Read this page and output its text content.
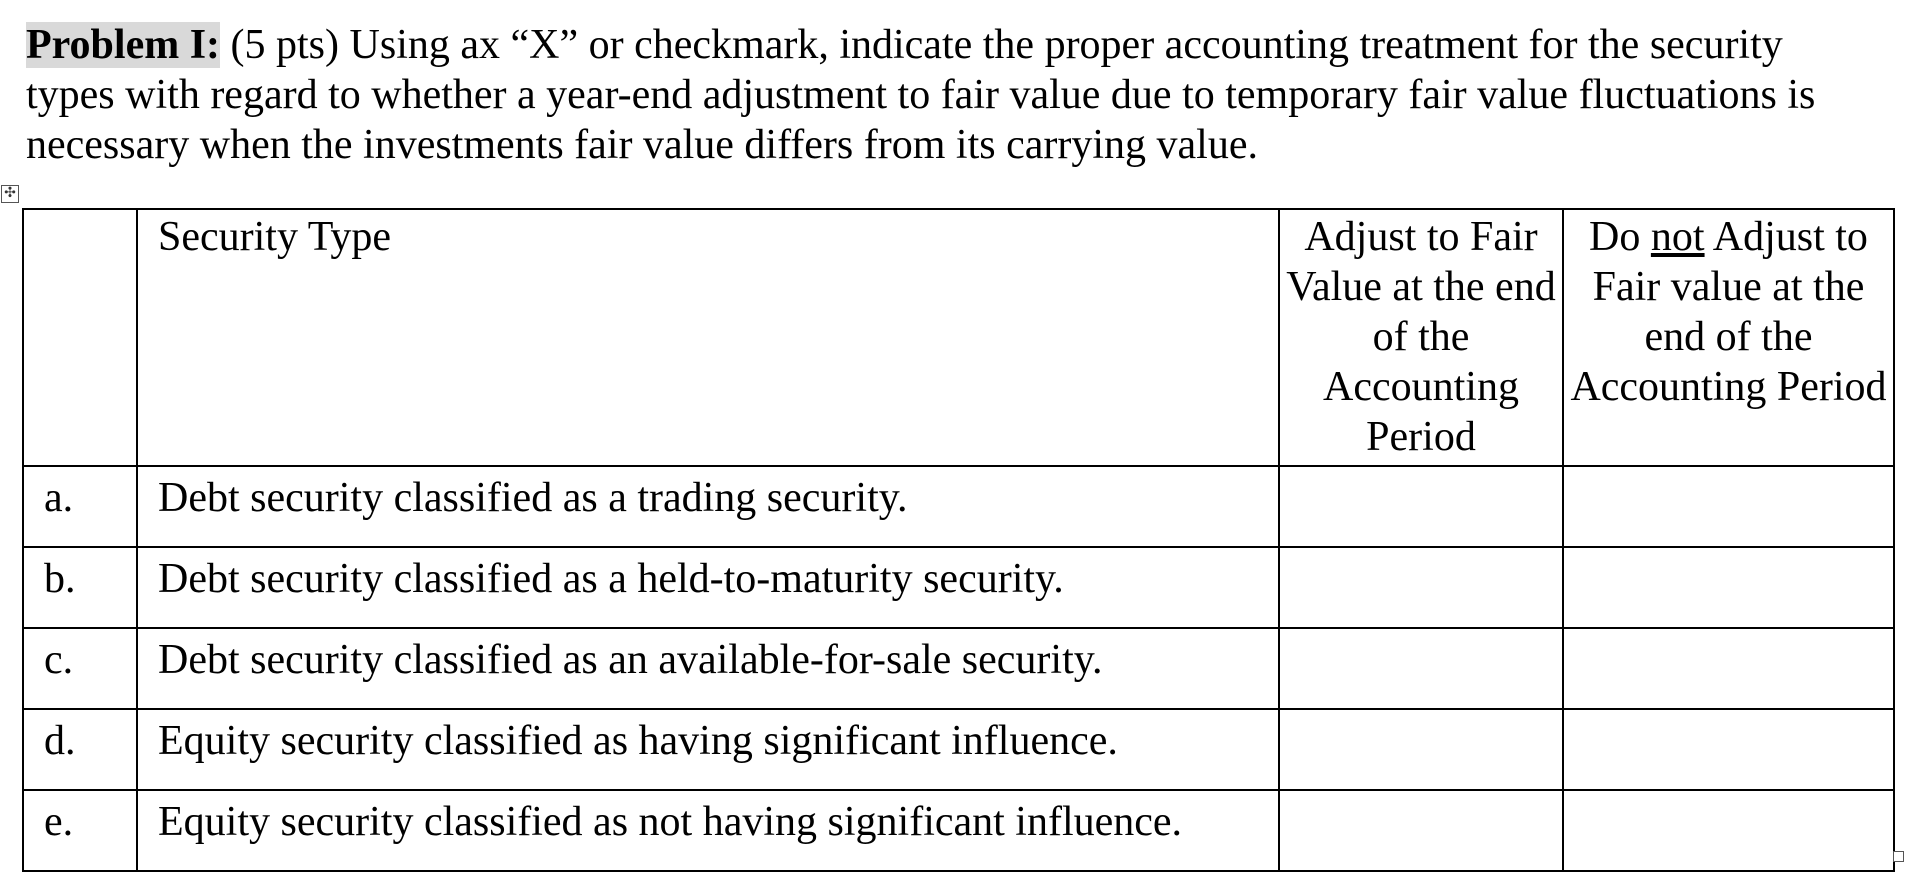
Problem I: (5 pts) Using ax “X” or checkmark, indicate the proper accounting treatment for the security types with regard to whether a year-end adjustment to fair value due to temporary fair value fluctuations is necessary when the investments fair value differs from its carrying value.

✣
	Security Type	Adjust to Fair Value at the end of the Accounting Period	Do not Adjust to Fair value at the end of the Accounting Period
a.	Debt security classified as a trading security.		
b.	Debt security classified as a held-to-maturity security.		
c.	Debt security classified as an available-for-sale security.		
d.	Equity security classified as having significant influence.		
e.	Equity security classified as not having significant influence.		
